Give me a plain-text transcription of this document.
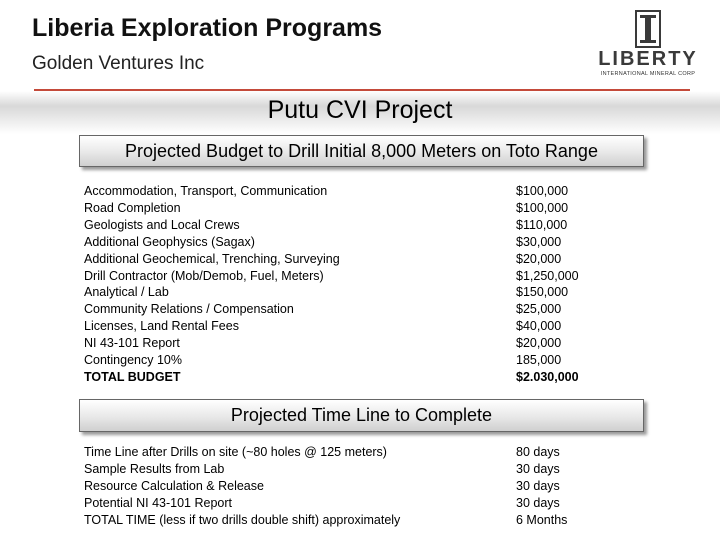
Liberia Exploration Programs
Golden Ventures Inc	LIBERTY
INTERNATIONAL MINERAL CORP
Putu CVI Project
Projected Budget to Drill Initial 8,000 Meters on Toto Range
Accommodation, Transport, Communication
Road Completion
Geologists and Local Crews
Additional Geophysics (Sagax)
Additional Geochemical, Trenching, Surveying
Drill Contractor (Mob/Demob, Fuel, Meters)
Analytical / Lab
Community Relations / Compensation
Licenses, Land Rental Fees
NI 43-101 Report
Contingency 10%
TOTAL BUDGET
$100,000
$100,000
$110,000
$30,000
$20,000
$1,250,000
$150,000
$25,000
$40,000
$20,000
185,000
$2.030,000
Projected Time Line to Complete
Time Line after Drills on site (~80 holes @ 125 meters)
Sample Results from Lab
Resource Calculation & Release
Potential NI 43-101 Report
TOTAL TIME (less if two drills double shift) approximately
80 days
30 days
30 days
30 days
6 Months
